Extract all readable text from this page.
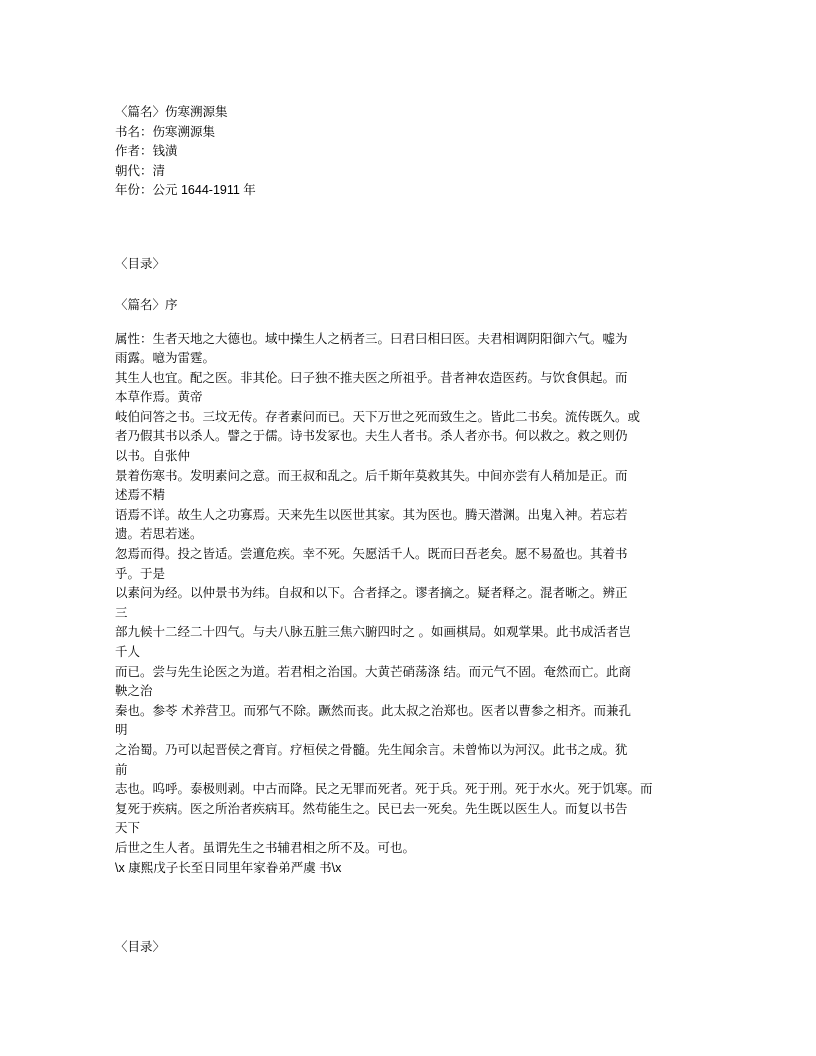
〈篇名〉伤寒溯源集
书名：伤寒溯源集
作者：钱潢
朝代：清
年份：公元 1644-1911 年
〈目录〉
〈篇名〉序
属性：生者天地之大德也。域中操生人之柄者三。曰君曰相曰医。夫君相调阴阳御六气。嘘为
雨露。噫为雷霆。
其生人也宜。配之医。非其伦。曰子独不推夫医之所祖乎。昔者神农造医药。与饮食俱起。而
本草作焉。黄帝
岐伯问答之书。三坟无传。存者素问而已。天下万世之死而致生之。皆此二书矣。流传既久。或
者乃假其书以杀人。譬之于儒。诗书发冢也。夫生人者书。杀人者亦书。何以救之。救之则仍
以书。自张仲
景着伤寒书。发明素问之意。而王叔和乱之。后千斯年莫救其失。中间亦尝有人稍加是正。而
述焉不精
语焉不详。故生人之功寡焉。天来先生以医世其家。其为医也。腾天潜渊。出鬼入神。若忘若
遗。若思若迷。
忽焉而得。投之皆适。尝邅危疾。幸不死。矢愿活千人。既而曰吾老矣。愿不易盈也。其着书
乎。于是
以素问为经。以仲景书为纬。自叔和以下。合者择之。谬者摘之。疑者释之。混者晰之。辨正
三
部九候十二经二十四气。与夫八脉五脏三焦六腑四时之 。如画棋局。如观掌果。此书成活者岂
千人
而已。尝与先生论医之为道。若君相之治国。大黄芒硝荡涤 结。而元气不固。奄然而亡。此商
鞅之治
秦也。参苓 术养营卫。而邪气不除。蹶然而丧。此太叔之治郑也。医者以曹参之相齐。而兼孔
明
之治蜀。乃可以起晋侯之膏肓。疗桓侯之骨髓。先生闻余言。未曾怖以为河汉。此书之成。犹
前
志也。呜呼。泰极则剥。中古而降。民之无罪而死者。死于兵。死于刑。死于水火。死于饥寒。而
复死于疾病。医之所治者疾病耳。然苟能生之。民已去一死矣。先生既以医生人。而复以书告
天下
后世之生人者。虽谓先生之书辅君相之所不及。可也。
\x 康熙戊子长至日同里年家眷弟严虞 书\x
〈目录〉
